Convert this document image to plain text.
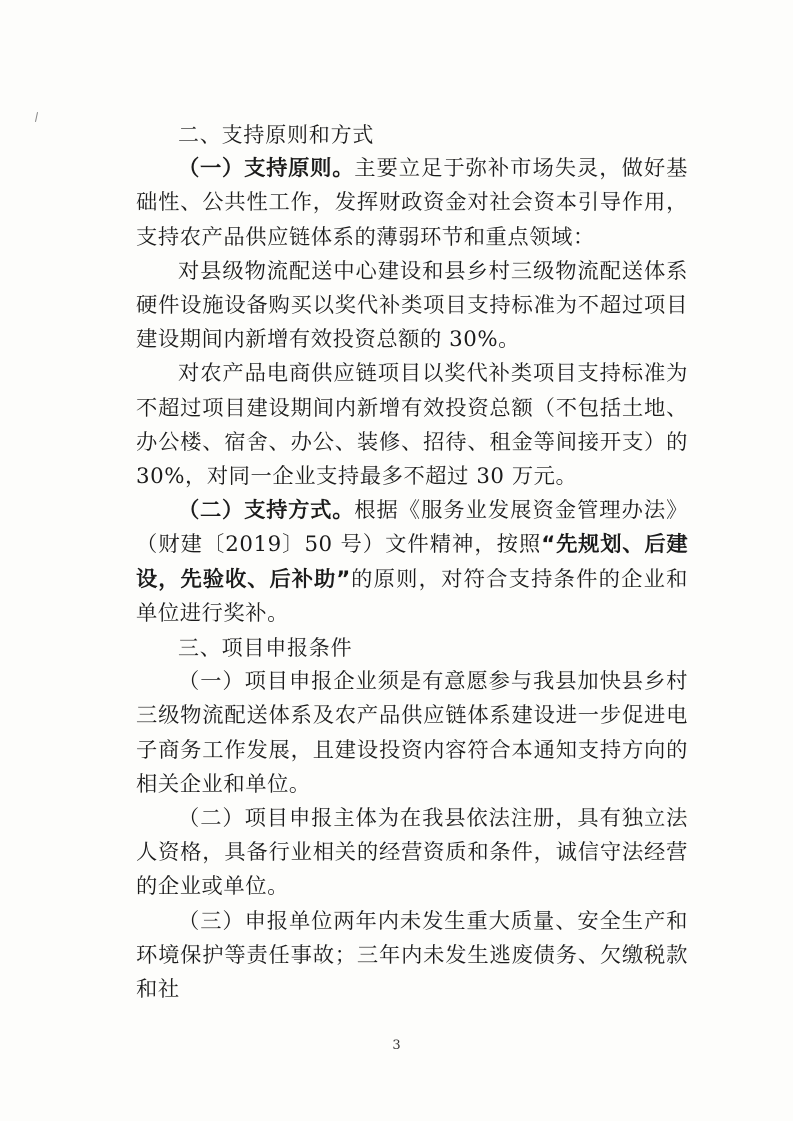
二、支持原则和方式

（一）支持原则。主要立足于弥补市场失灵，做好基础性、公共性工作，发挥财政资金对社会资本引导作用，支持农产品供应链体系的薄弱环节和重点领域：

对县级物流配送中心建设和县乡村三级物流配送体系硬件设施设备购买以奖代补类项目支持标准为不超过项目建设期间内新增有效投资总额的 30%。

对农产品电商供应链项目以奖代补类项目支持标准为不超过项目建设期间内新增有效投资总额（不包括土地、办公楼、宿舍、办公、装修、招待、租金等间接开支）的 30%，对同一企业支持最多不超过 30 万元。

（二）支持方式。根据《服务业发展资金管理办法》（财建〔2019〕50 号）文件精神，按照“先规划、后建设，先验收、后补助”的原则，对符合支持条件的企业和单位进行奖补。

三、项目申报条件

（一）项目申报企业须是有意愿参与我县加快县乡村三级物流配送体系及农产品供应链体系建设进一步促进电子商务工作发展，且建设投资内容符合本通知支持方向的相关企业和单位。

（二）项目申报主体为在我县依法注册，具有独立法人资格，具备行业相关的经营资质和条件，诚信守法经营的企业或单位。

（三）申报单位两年内未发生重大质量、安全生产和环境保护等责任事故；三年内未发生逃废债务、欠缴税款和社

3
